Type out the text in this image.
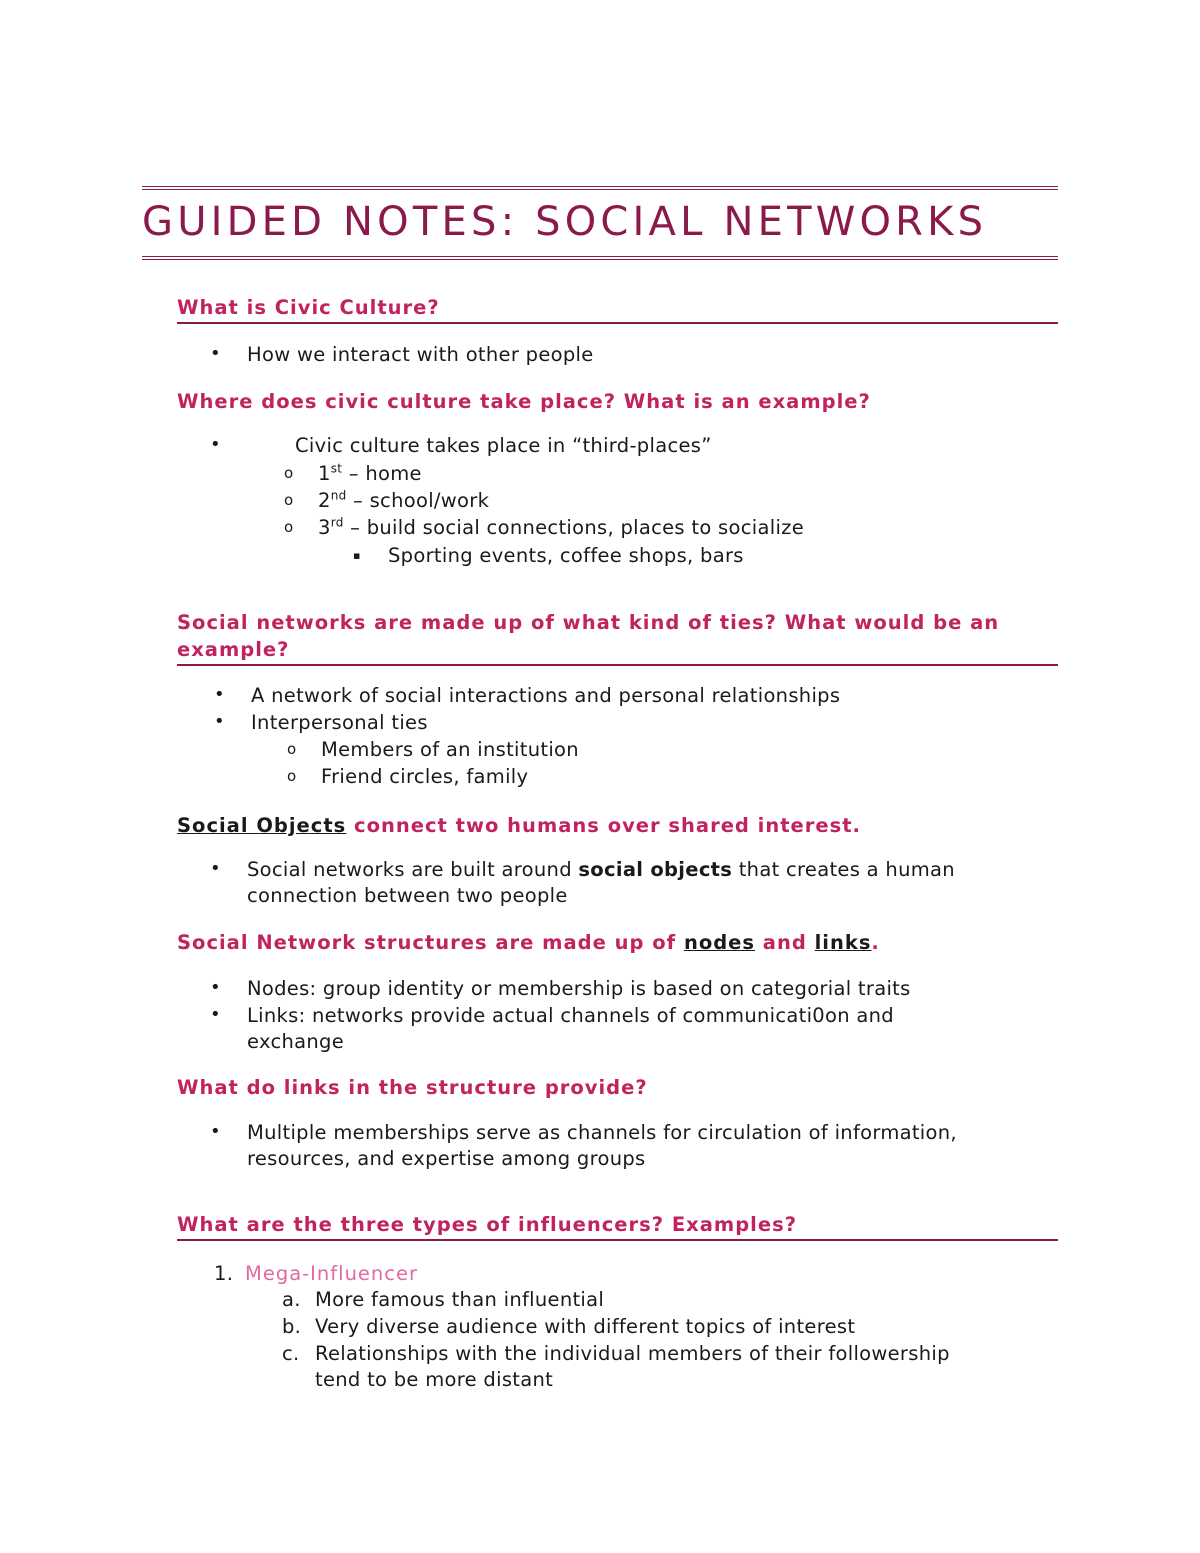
GUIDED NOTES: SOCIAL NETWORKS
What is Civic Culture?
• How we interact with other people
Where does civic culture take place? What is an example?
•	Civic culture takes place in “third-places”
o 1st – home
o 2nd – school/work
o 3rd – build social connections, places to socialize
▪ Sporting events, coffee shops, bars
Social networks are made up of what kind of ties? What would be an
example?
• A network of social interactions and personal relationships
• Interpersonal ties
o Members of an institution
o Friend circles, family
Social Objects connect two humans over shared interest.
• Social networks are built around social objects that creates a human
connection between two people
Social Network structures are made up of nodes and links.
• Nodes: group identity or membership is based on categorial traits
• Links: networks provide actual channels of communicati0on and
exchange
What do links in the structure provide?
• Multiple memberships serve as channels for circulation of information,
resources, and expertise among groups
What are the three types of influencers? Examples?
1. Mega-Influencer
a. More famous than influential
b. Very diverse audience with different topics of interest
c. Relationships with the individual members of their followership
tend to be more distant
